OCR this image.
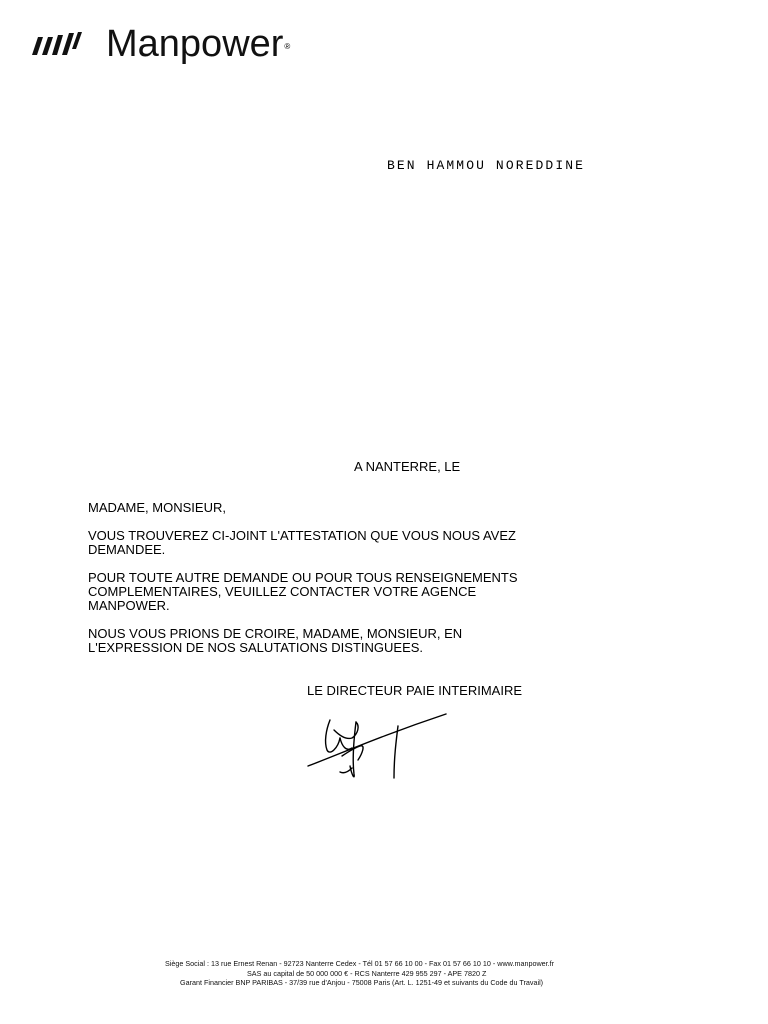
Manpower ®
BEN HAMMOU NOREDDINE
A NANTERRE, LE

MADAME, MONSIEUR,

VOUS TROUVEREZ CI-JOINT L'ATTESTATION QUE VOUS NOUS AVEZ DEMANDEE.

POUR TOUTE AUTRE DEMANDE OU POUR TOUS RENSEIGNEMENTS COMPLEMENTAIRES, VEUILLEZ CONTACTER VOTRE AGENCE MANPOWER.

NOUS VOUS PRIONS DE CROIRE, MADAME, MONSIEUR, EN L'EXPRESSION DE NOS SALUTATIONS DISTINGUEES.

LE DIRECTEUR PAIE INTERIMAIRE
Siège Social : 13 rue Ernest Renan - 92723 Nanterre Cedex - Tél 01 57 66 10 00 - Fax 01 57 66 10 10 - www.manpower.fr
SAS au capital de 50 000 000 € - RCS Nanterre 429 955 297 - APE 7820 Z
Garant Financier BNP PARIBAS - 37/39 rue d'Anjou - 75008 Paris (Art. L. 1251-49 et suivants du Code du Travail)
